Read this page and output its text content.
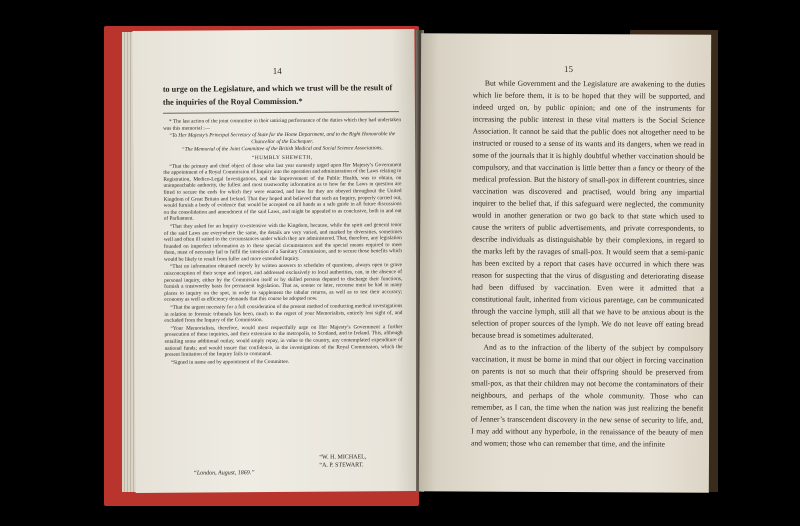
14

to urge on the Legislature, and which we trust will be the result of the inquiries of the Royal Commission.*

* The last action of the joint committee in their untiring performance of the duties which they had undertaken was this memorial :—

“To Her Majesty’s Principal Secretary of State for the Home Department, and to the Right Honourable the Chancellor of the Exchequer.

“The Memorial of the Joint Committee of the British Medical and Social Science Associations,

“HUMBLY SHEWETH,

“That the primary and chief object of those who last year earnestly urged upon Her Majesty’s Government the appointment of a Royal Commission of Inquiry into the operation and administration of the Laws relating to Registration, Medico-Legal Investigations, and the Improvement of the Public Health, was to obtain, on unimpeachable authority, the fullest and most trustworthy information as to how far the Laws in question are fitted to secure the ends for which they were enacted, and how far they are obeyed throughout the United Kingdom of Great Britain and Ireland. That they hoped and believed that such an Inquiry, properly carried out, would furnish a body of evidence that would be accepted on all hands as a safe guide in all future discussions on the consolidation and amendment of the said Laws, and might be appealed to as conclusive, both in and out of Parliament.

“That they asked for an Inquiry co-extensive with the Kingdom, because, while the spirit and general tenor of the said Laws are everywhere the same, the details are very varied, and marked by diversities, sometimes well and often ill suited to the circumstances under which they are administered. That, therefore, any legislation founded on imperfect information as to these special circumstances and the special means required to meet them, must of necessity fail to fulfil the intention of a Sanitary Commission, and to secure those benefits which would be likely to result from fuller and more extended Inquiry.

“That no information obtained merely by written answers to schedules of questions, always open to grave misconception of their scope and import, and addressed exclusively to local authorities, can, in the absence of personal inquiry, either by the Commission itself or by skilled persons deputed to discharge their functions, furnish a trustworthy basis for permanent legislation. That as, sooner or later, recourse must be had in many places to inquiry on the spot, in order to supplement the tabular returns, as well as to test their accuracy; economy as well as efficiency demands that this course be adopted now.

“That the urgent necessity for a full consideration of the present method of conducting medical investigations in relation to forensic tribunals has been, much to the regret of your Memorialists, entirely lost sight of, and excluded from the Inquiry of the Commission.

“Your Memorialists, therefore, would most respectfully urge on Her Majesty’s Government a further prosecution of these inquiries, and their extension to the metropolis, to Scotland, and to Ireland. This, although entailing some additional outlay, would amply repay, in value to the country, any contemplated expenditure of national funds; and would insure that confidence, in the investigations of the Royal Commission, which the present limitation of the Inquiry fails to command.

“Signed in name and by appointment of the Committee.

“W. H. MICHAEL,
“A. P. STEWART.
“London, August, 1869.”
15

But while Government and the Legislature are awakening to the duties which lie before them, it is to be hoped that they will be supported, and indeed urged on, by public opinion; and one of the instruments for increasing the public interest in these vital matters is the Social Science Association. It cannot be said that the public does not altogether need to be instructed or roused to a sense of its wants and its dangers, when we read in some of the journals that it is highly doubtful whether vaccination should be compulsory, and that vaccination is little better than a fancy or theory of the medical profession. But the history of small-pox in different countries, since vaccination was discovered and practised, would bring any impartial inquirer to the belief that, if this safeguard were neglected, the community would in another generation or two go back to that state which used to cause the writers of public advertisements, and private correspondents, to describe individuals as distinguishable by their complexions, in regard to the marks left by the ravages of small-pox. It would seem that a semi-panic has been excited by a report that cases have occurred in which there was reason for suspecting that the virus of disgusting and deteriorating disease had been diffused by vaccination. Even were it admitted that a constitutional fault, inherited from vicious parentage, can be communicated through the vaccine lymph, still all that we have to be anxious about is the selection of proper sources of the lymph. We do not leave off eating bread because bread is sometimes adulterated.

And as to the infraction of the liberty of the subject by compulsory vaccination, it must be borne in mind that our object in forcing vaccination on parents is not so much that their offspring should be preserved from small-pox, as that their children may not become the contaminators of their neighbours, and perhaps of the whole community. Those who can remember, as I can, the time when the nation was just realizing the benefit of Jenner’s transcendent discovery in the new sense of security to life, and, I may add without any hyperbole, in the renaissance of the beauty of men and women; those who can remember that time, and the infinite
